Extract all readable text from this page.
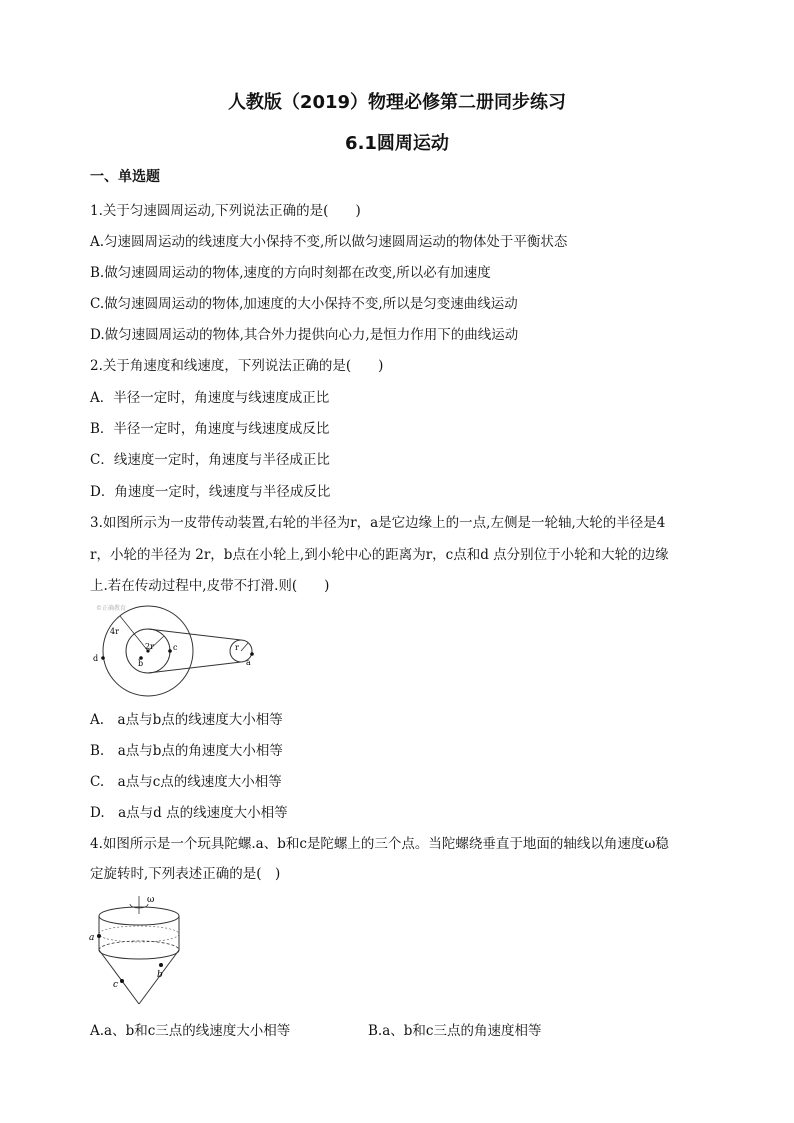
人教版（2019）物理必修第二册同步练习
6.1圆周运动
一、单选题
1.关于匀速圆周运动,下列说法正确的是(　　)
A.匀速圆周运动的线速度大小保持不变,所以做匀速圆周运动的物体处于平衡状态
B.做匀速圆周运动的物体,速度的方向时刻都在改变,所以必有加速度
C.做匀速圆周运动的物体,加速度的大小保持不变,所以是匀变速曲线运动
D.做匀速圆周运动的物体,其合外力提供向心力,是恒力作用下的曲线运动
2.关于角速度和线速度，下列说法正确的是(　　)
A．半径一定时，角速度与线速度成正比
B．半径一定时，角速度与线速度成反比
C．线速度一定时，角速度与半径成正比
D．角速度一定时，线速度与半径成反比
3.如图所示为一皮带传动装置,右轮的半径为r，a是它边缘上的一点,左侧是一轮轴,大轮的半径是4
r，小轮的半径为 2r，b点在小轮上,到小轮中心的距离为r，c点和d 点分别位于小轮和大轮的边缘
上.若在传动过程中,皮带不打滑.则(　　)
©正确教育
4r
2r	r
b
c
d	a
A.　a点与b点的线速度大小相等
B.　a点与b点的角速度大小相等
C.　a点与c点的线速度大小相等
D.　a点与d 点的线速度大小相等
4.如图所示是一个玩具陀螺.a、b和c是陀螺上的三个点。当陀螺绕垂直于地面的轴线以角速度ω稳
定旋转时,下列表述正确的是(　)
ω
a
b
c
A.a、b和c三点的线速度大小相等	B.a、b和c三点的角速度相等
